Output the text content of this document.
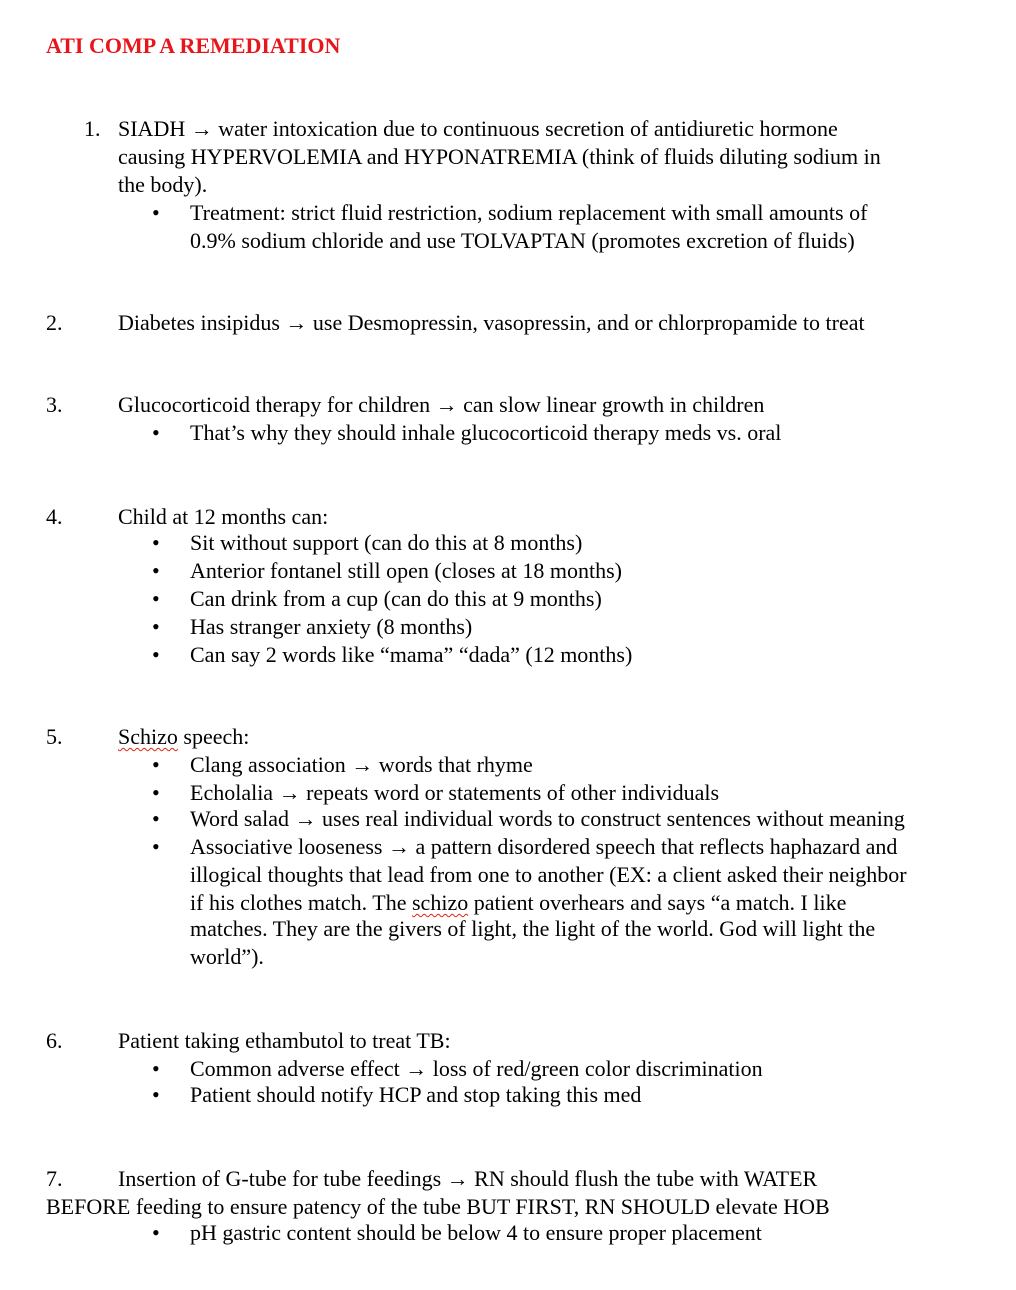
ATI COMP A REMEDIATION
1. SIADH → water intoxication due to continuous secretion of antidiuretic hormone
causing HYPERVOLEMIA and HYPONATREMIA (think of fluids diluting sodium in
the body).
• Treatment: strict fluid restriction, sodium replacement with small amounts of
0.9% sodium chloride and use TOLVAPTAN (promotes excretion of fluids)
2.	Diabetes insipidus → use Desmopressin, vasopressin, and or chlorpropamide to treat
3.	Glucocorticoid therapy for children → can slow linear growth in children
• That’s why they should inhale glucocorticoid therapy meds vs. oral
4.	Child at 12 months can:
• Sit without support (can do this at 8 months)
• Anterior fontanel still open (closes at 18 months)
• Can drink from a cup (can do this at 9 months)
• Has stranger anxiety (8 months)
• Can say 2 words like “mama” “dada” (12 months)
5.	Schizo speech:
• Clang association → words that rhyme
• Echolalia → repeats word or statements of other individuals
• Word salad → uses real individual words to construct sentences without meaning
• Associative looseness → a pattern disordered speech that reflects haphazard and
illogical thoughts that lead from one to another (EX: a client asked their neighbor
if his clothes match. The schizo patient overhears and says “a match. I like
matches. They are the givers of light, the light of the world. God will light the
world”).
6.	Patient taking ethambutol to treat TB:
• Common adverse effect → loss of red/green color discrimination
• Patient should notify HCP and stop taking this med
7.	Insertion of G-tube for tube feedings → RN should flush the tube with WATER
BEFORE feeding to ensure patency of the tube BUT FIRST, RN SHOULD elevate HOB
• pH gastric content should be below 4 to ensure proper placement
